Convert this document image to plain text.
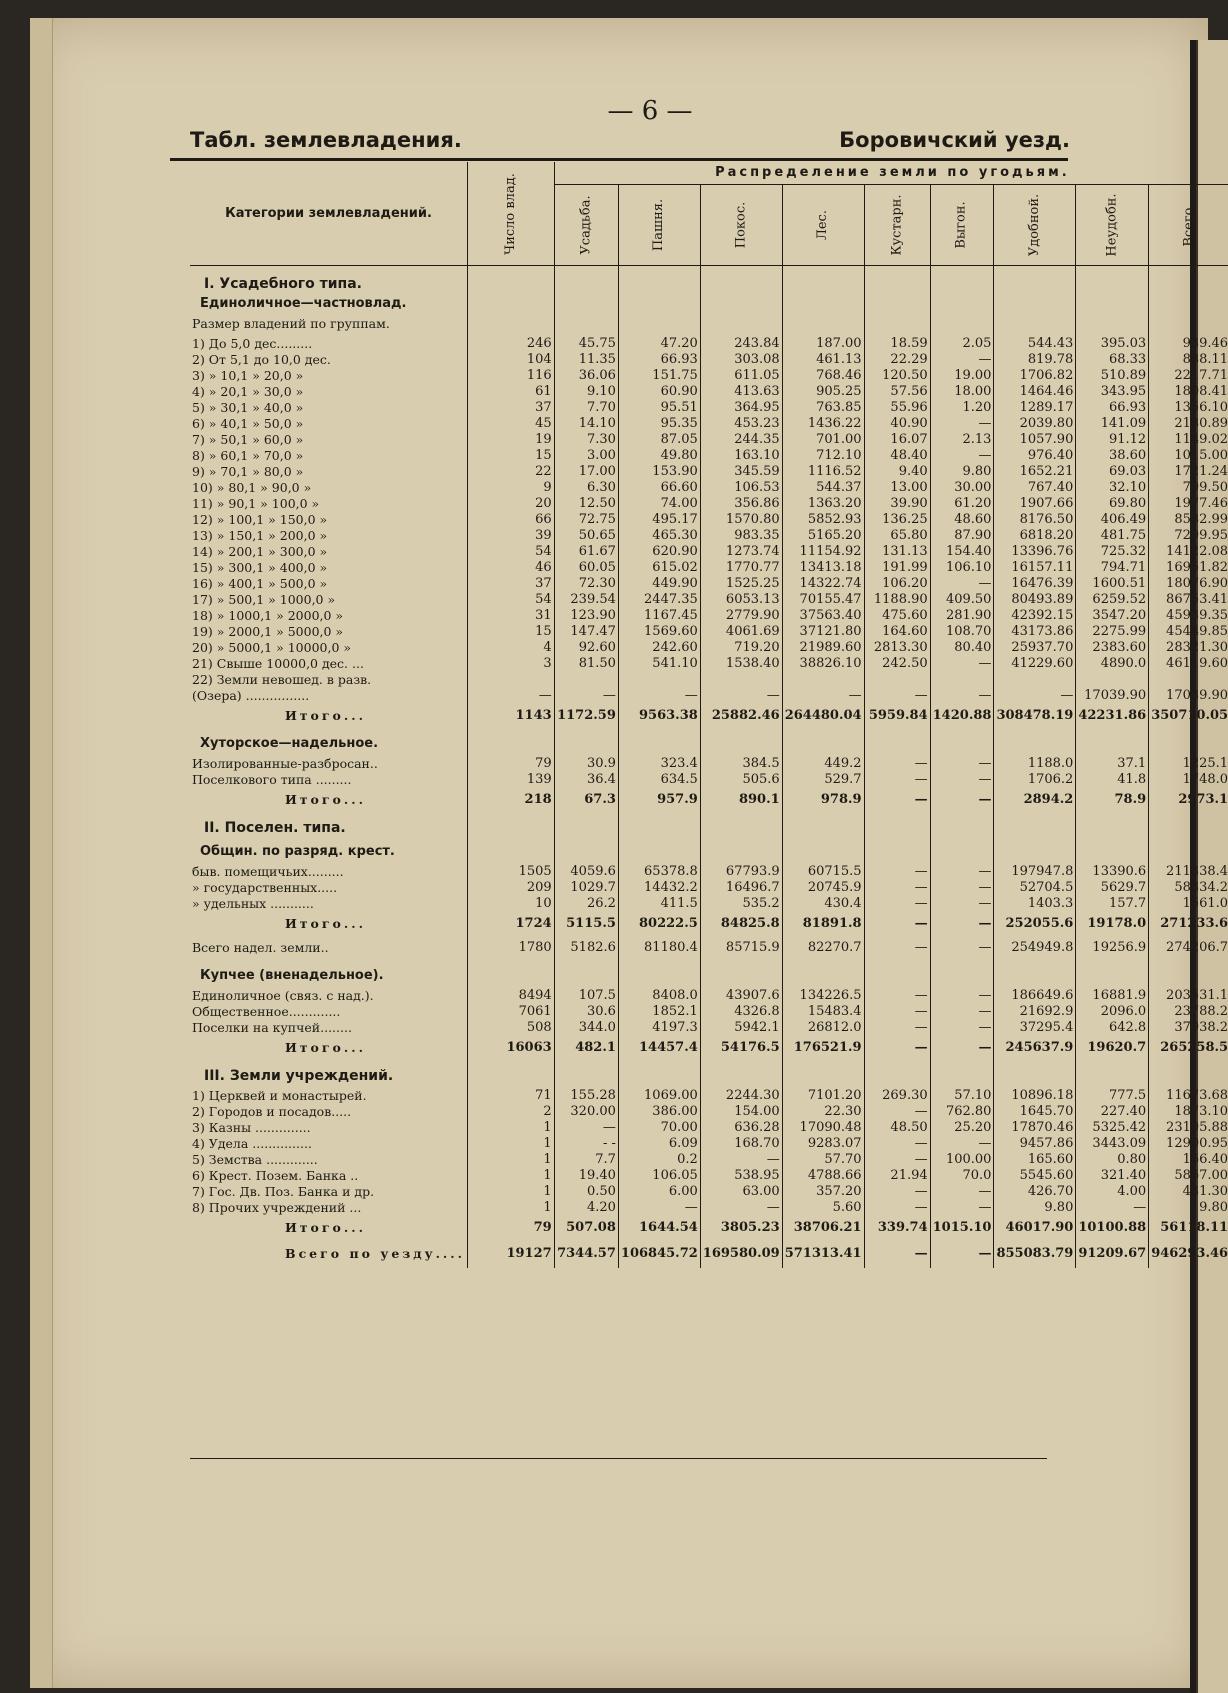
— 6 —
Табл. землевладения.	Боровичский уезд.
Категории землевладений.	Число влад.	Распределение земли по угодьям.								
		Усадьба.	Пашня.	Покос.	Лес.	Кустарн.	Выгон.	Удобной.	Неудобн.	Всего.

I. Усадебного типа.										

Единоличное—частновлад.										

Размер владений по группам.										

1) До 5,0 дес.........	246	45.75	47.20	243.84	187.00	18.59	2.05	544.43	395.03	939.46
2) От 5,1 до 10,0 дес.	104	11.35	66.93	303.08	461.13	22.29	—	819.78	68.33	888.11
3) » 10,1 » 20,0 »	116	36.06	151.75	611.05	768.46	120.50	19.00	1706.82	510.89	2217.71
4) » 20,1 » 30,0 »	61	9.10	60.90	413.63	905.25	57.56	18.00	1464.46	343.95	1808.41
5) » 30,1 » 40,0 »	37	7.70	95.51	364.95	763.85	55.96	1.20	1289.17	66.93	1356.10
6) » 40,1 » 50,0 »	45	14.10	95.35	453.23	1436.22	40.90	—	2039.80	141.09	2180.89
7) » 50,1 » 60,0 »	19	7.30	87.05	244.35	701.00	16.07	2.13	1057.90	91.12	1149.02
8) » 60,1 » 70,0 »	15	3.00	49.80	163.10	712.10	48.40	—	976.40	38.60	1015.00
9) » 70,1 » 80,0 »	22	17.00	153.90	345.59	1116.52	9.40	9.80	1652.21	69.03	1721.24
10) » 80,1 » 90,0 »	9	6.30	66.60	106.53	544.37	13.00	30.00	767.40	32.10	799.50
11) » 90,1 » 100,0 »	20	12.50	74.00	356.86	1363.20	39.90	61.20	1907.66	69.80	1977.46
12) » 100,1 » 150,0 »	66	72.75	495.17	1570.80	5852.93	136.25	48.60	8176.50	406.49	8582.99
13) » 150,1 » 200,0 »	39	50.65	465.30	983.35	5165.20	65.80	87.90	6818.20	481.75	7299.95
14) » 200,1 » 300,0 »	54	61.67	620.90	1273.74	11154.92	131.13	154.40	13396.76	725.32	14122.08
15) » 300,1 » 400,0 »	46	60.05	615.02	1770.77	13413.18	191.99	106.10	16157.11	794.71	16951.82
16) » 400,1 » 500,0 »	37	72.30	449.90	1525.25	14322.74	106.20	—	16476.39	1600.51	18076.90
17) » 500,1 » 1000,0 »	54	239.54	2447.35	6053.13	70155.47	1188.90	409.50	80493.89	6259.52	86753.41
18) » 1000,1 » 2000,0 »	31	123.90	1167.45	2779.90	37563.40	475.60	281.90	42392.15	3547.20	45939.35
19) » 2000,1 » 5000,0 »	15	147.47	1569.60	4061.69	37121.80	164.60	108.70	43173.86	2275.99	45449.85
20) » 5000,1 » 10000,0 »	4	92.60	242.60	719.20	21989.60	2813.30	80.40	25937.70	2383.60	28321.30
21) Свыше 10000,0 дес. ...	3	81.50	541.10	1538.40	38826.10	242.50	—	41229.60	4890.0	46119.60
22) Земли невошед. в разв.										
(Озера) ................	—	—	—	—	—	—	—	—	17039.90	17039.90

Итого...	1143	1172.59	9563.38	25882.46	264480.04	5959.84	1420.88	308478.19	42231.86	350710.05

Хуторское—надельное.										

Изолированные-разбросан..	79	30.9	323.4	384.5	449.2	—	—	1188.0	37.1	1225.1
Поселкового типа .........	139	36.4	634.5	505.6	529.7	—	—	1706.2	41.8	1748.0

Итого...	218	67.3	957.9	890.1	978.9	—	—	2894.2	78.9	2973.1

II. Поселен. типа.										

Общин. по разряд. крест.										

быв. помещичьих.........	1505	4059.6	65378.8	67793.9	60715.5	—	—	197947.8	13390.6	211338.4
» государственных.....	209	1029.7	14432.2	16496.7	20745.9	—	—	52704.5	5629.7	58334.2
» удельных ...........	10	26.2	411.5	535.2	430.4	—	—	1403.3	157.7	1561.0

Итого...	1724	5115.5	80222.5	84825.8	81891.8	—	—	252055.6	19178.0	271233.6

Всего надел. земли..	1780	5182.6	81180.4	85715.9	82270.7	—	—	254949.8	19256.9	274206.7

Купчее (вненадельное).										

Единоличное (связ. с над.).	8494	107.5	8408.0	43907.6	134226.5	—	—	186649.6	16881.9	203531.1
Общественное.............	7061	30.6	1852.1	4326.8	15483.4	—	—	21692.9	2096.0	23788.2
Поселки на купчей........	508	344.0	4197.3	5942.1	26812.0	—	—	37295.4	642.8	37938.2

Итого...	16063	482.1	14457.4	54176.5	176521.9	—	—	245637.9	19620.7	265258.5

III. Земли учреждений.										

1) Церквей и монастырей.	71	155.28	1069.00	2244.30	7101.20	269.30	57.10	10896.18	777.5	11673.68
2) Городов и посадов.....	2	320.00	386.00	154.00	22.30	—	762.80	1645.70	227.40	1873.10
3) Казны ..............	1	—	70.00	636.28	17090.48	48.50	25.20	17870.46	5325.42	23195.88
4) Удела ...............	1	- -	6.09	168.70	9283.07	—	—	9457.86	3443.09	12900.95
5) Земства .............	1	7.7	0.2	—	57.70	—	100.00	165.60	0.80	166.40
6) Крест. Позем. Банка ..	1	19.40	106.05	538.95	4788.66	21.94	70.0	5545.60	321.40	5867.00
7) Гос. Дв. Поз. Банка и др.	1	0.50	6.00	63.00	357.20	—	—	426.70	4.00	431.30
8) Прочих учреждений ...	1	4.20	—	—	5.60	—	—	9.80	—	9.80

Итого...	79	507.08	1644.54	3805.23	38706.21	339.74	1015.10	46017.90	10100.88	56118.11

Всего по уезду....	19127	7344.57	106845.72	169580.09	571313.41	—	—	855083.79	91209.67	946293.46
